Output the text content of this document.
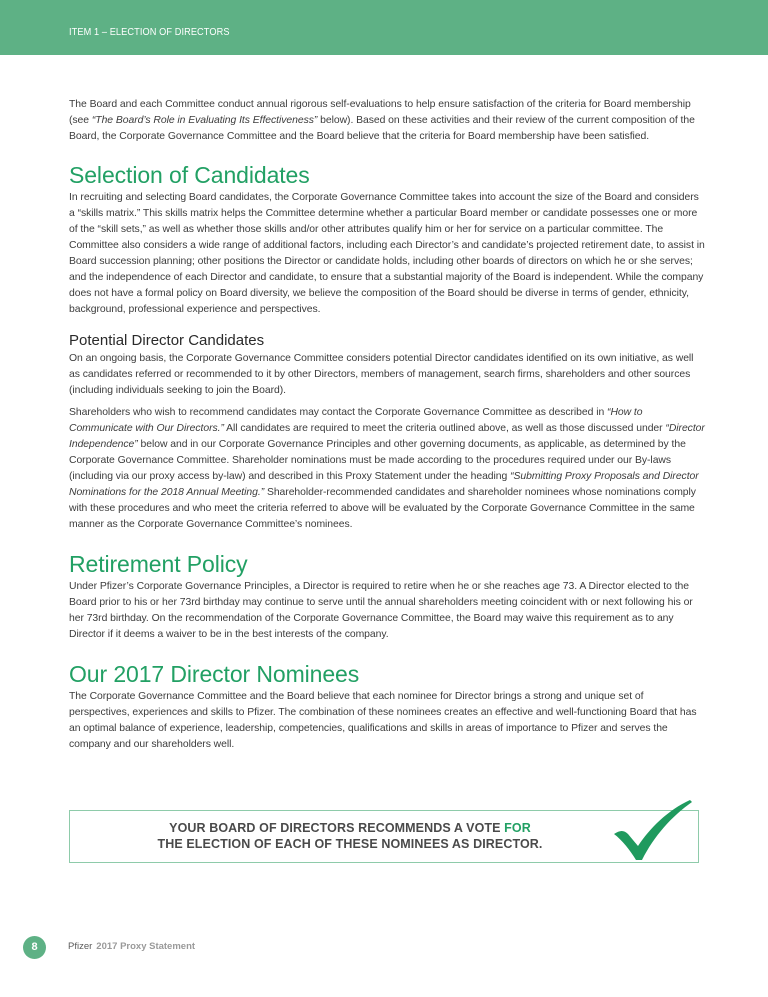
ITEM 1 – ELECTION OF DIRECTORS

The Board and each Committee conduct annual rigorous self-evaluations to help ensure satisfaction of the criteria for Board membership (see “The Board’s Role in Evaluating Its Effectiveness” below). Based on these activities and their review of the current composition of the Board, the Corporate Governance Committee and the Board believe that the criteria for Board membership have been satisfied.

Selection of Candidates

In recruiting and selecting Board candidates, the Corporate Governance Committee takes into account the size of the Board and considers a “skills matrix.” This skills matrix helps the Committee determine whether a particular Board member or candidate possesses one or more of the “skill sets,” as well as whether those skills and/or other attributes qualify him or her for service on a particular committee. The Committee also considers a wide range of additional factors, including each Director’s and candidate’s projected retirement date, to assist in Board succession planning; other positions the Director or candidate holds, including other boards of directors on which he or she serves; and the independence of each Director and candidate, to ensure that a substantial majority of the Board is independent. While the company does not have a formal policy on Board diversity, we believe the composition of the Board should be diverse in terms of gender, ethnicity, background, professional experience and perspectives.

Potential Director Candidates

On an ongoing basis, the Corporate Governance Committee considers potential Director candidates identified on its own initiative, as well as candidates referred or recommended to it by other Directors, members of management, search firms, shareholders and other sources (including individuals seeking to join the Board).

Shareholders who wish to recommend candidates may contact the Corporate Governance Committee as described in “How to Communicate with Our Directors.” All candidates are required to meet the criteria outlined above, as well as those discussed under “Director Independence” below and in our Corporate Governance Principles and other governing documents, as applicable, as determined by the Corporate Governance Committee. Shareholder nominations must be made according to the procedures required under our By-laws (including via our proxy access by-law) and described in this Proxy Statement under the heading “Submitting Proxy Proposals and Director Nominations for the 2018 Annual Meeting.” Shareholder-recommended candidates and shareholder nominees whose nominations comply with these procedures and who meet the criteria referred to above will be evaluated by the Corporate Governance Committee in the same manner as the Corporate Governance Committee’s nominees.

Retirement Policy

Under Pfizer’s Corporate Governance Principles, a Director is required to retire when he or she reaches age 73. A Director elected to the Board prior to his or her 73rd birthday may continue to serve until the annual shareholders meeting coincident with or next following his or her 73rd birthday. On the recommendation of the Corporate Governance Committee, the Board may waive this requirement as to any Director if it deems a waiver to be in the best interests of the company.

Our 2017 Director Nominees

The Corporate Governance Committee and the Board believe that each nominee for Director brings a strong and unique set of perspectives, experiences and skills to Pfizer. The combination of these nominees creates an effective and well-functioning Board that has an optimal balance of experience, leadership, competencies, qualifications and skills in areas of importance to Pfizer and serves the company and our shareholders well.

YOUR BOARD OF DIRECTORS RECOMMENDS A VOTE FOR
THE ELECTION OF EACH OF THESE NOMINEES AS DIRECTOR.
8	Pfizer 2017 Proxy Statement
